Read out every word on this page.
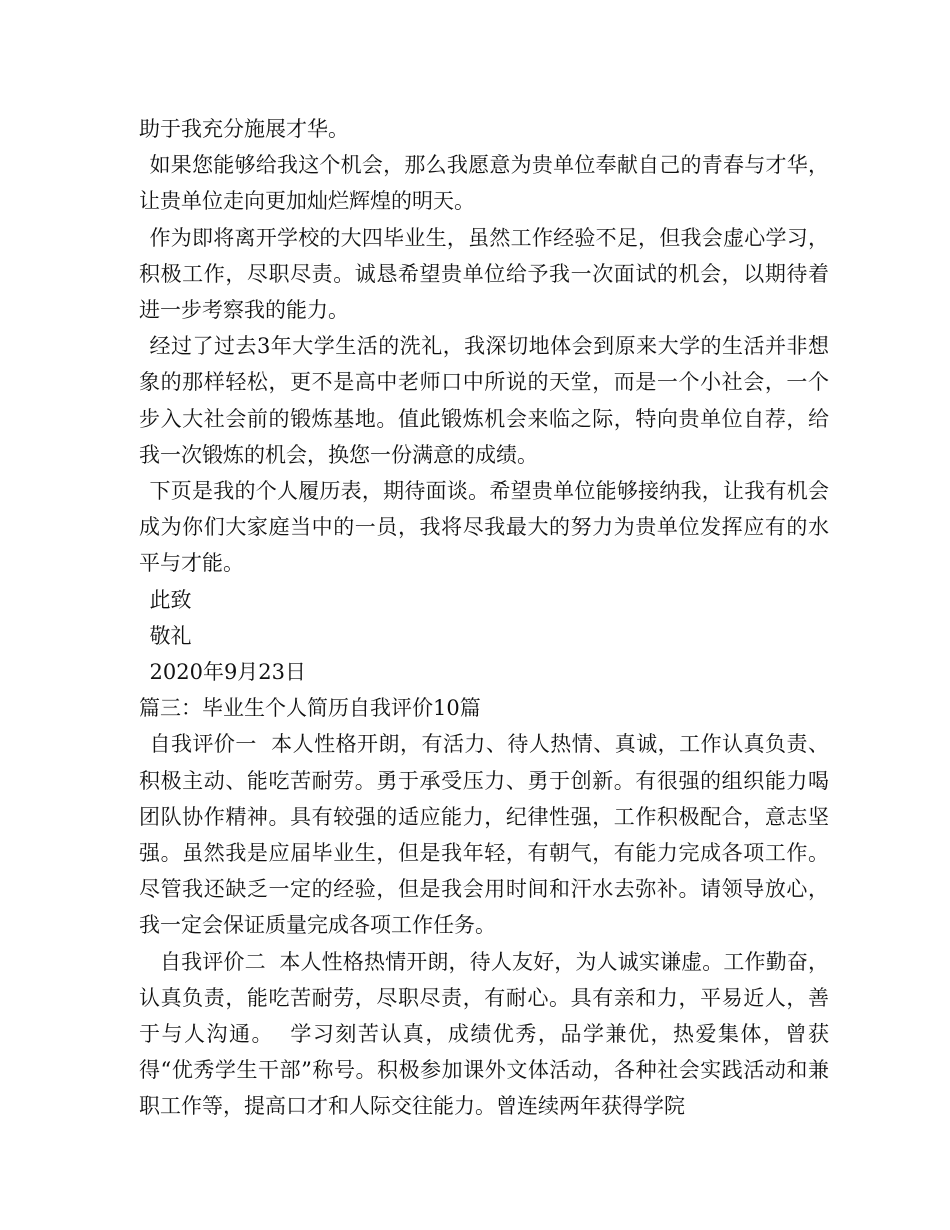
助于我充分施展才华。

如果您能够给我这个机会，那么我愿意为贵单位奉献自己的青春与才华，让贵单位走向更加灿烂辉煌的明天。

作为即将离开学校的大四毕业生，虽然工作经验不足，但我会虚心学习，积极工作，尽职尽责。诚恳希望贵单位给予我一次面试的机会，以期待着进一步考察我的能力。

经过了过去3年大学生活的洗礼，我深切地体会到原来大学的生活并非想象的那样轻松，更不是高中老师口中所说的天堂，而是一个小社会，一个步入大社会前的锻炼基地。值此锻炼机会来临之际，特向贵单位自荐，给我一次锻炼的机会，换您一份满意的成绩。

下页是我的个人履历表，期待面谈。希望贵单位能够接纳我，让我有机会成为你们大家庭当中的一员，我将尽我最大的努力为贵单位发挥应有的水平与才能。

此致

敬礼

2020年9月23日

篇三：毕业生个人简历自我评价10篇

自我评价一  本人性格开朗，有活力、待人热情、真诚，工作认真负责、积极主动、能吃苦耐劳。勇于承受压力、勇于创新。有很强的组织能力喝团队协作精神。具有较强的适应能力，纪律性强，工作积极配合，意志坚强。虽然我是应届毕业生，但是我年轻，有朝气，有能力完成各项工作。尽管我还缺乏一定的经验，但是我会用时间和汗水去弥补。请领导放心，我一定会保证质量完成各项工作任务。

自我评价二  本人性格热情开朗，待人友好，为人诚实谦虚。工作勤奋，认真负责，能吃苦耐劳，尽职尽责，有耐心。具有亲和力，平易近人，善于与人沟通。  学习刻苦认真，成绩优秀，品学兼优，热爱集体，曾获得“优秀学生干部”称号。积极参加课外文体活动，各种社会实践活动和兼职工作等，提高口才和人际交往能力。曾连续两年获得学院
